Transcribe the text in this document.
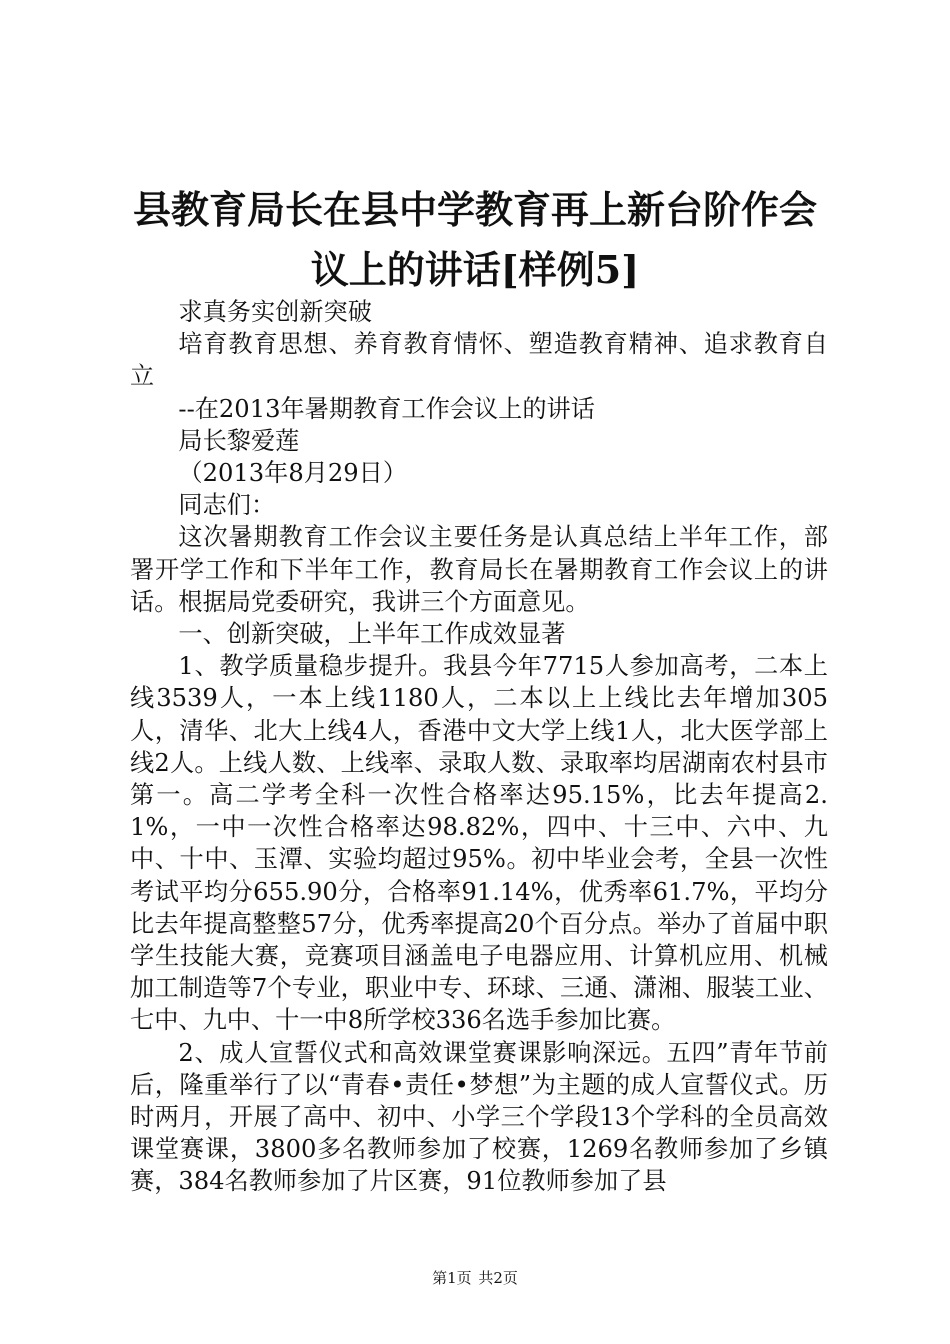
县教育局长在县中学教育再上新台阶作会议上的讲话[样例5]

求真务实创新突破

培育教育思想、养育教育情怀、塑造教育精神、追求教育自立

--在2013年暑期教育工作会议上的讲话

局长黎爱莲

（2013年8月29日）

同志们：

这次暑期教育工作会议主要任务是认真总结上半年工作，部署开学工作和下半年工作，教育局长在暑期教育工作会议上的讲话。根据局党委研究，我讲三个方面意见。

一、创新突破，上半年工作成效显著

1、教学质量稳步提升。我县今年7715人参加高考，二本上线3539人，一本上线1180人，二本以上上线比去年增加305人，清华、北大上线4人，香港中文大学上线1人，北大医学部上线2人。上线人数、上线率、录取人数、录取率均居湖南农村县市第一。高二学考全科一次性合格率达95.15%，比去年提高2.1%，一中一次性合格率达98.82%，四中、十三中、六中、九中、十中、玉潭、实验均超过95%。初中毕业会考，全县一次性考试平均分655.90分，合格率91.14%，优秀率61.7%，平均分比去年提高整整57分，优秀率提高20个百分点。举办了首届中职学生技能大赛，竞赛项目涵盖电子电器应用、计算机应用、机械加工制造等7个专业，职业中专、环球、三通、潇湘、服装工业、七中、九中、十一中8所学校336名选手参加比赛。

2、成人宣誓仪式和高效课堂赛课影响深远。五四”青年节前后，隆重举行了以“青春•责任•梦想”为主题的成人宣誓仪式。历时两月，开展了高中、初中、小学三个学段13个学科的全员高效课堂赛课，3800多名教师参加了校赛，1269名教师参加了乡镇赛，384名教师参加了片区赛，91位教师参加了县

第1页 共2页
